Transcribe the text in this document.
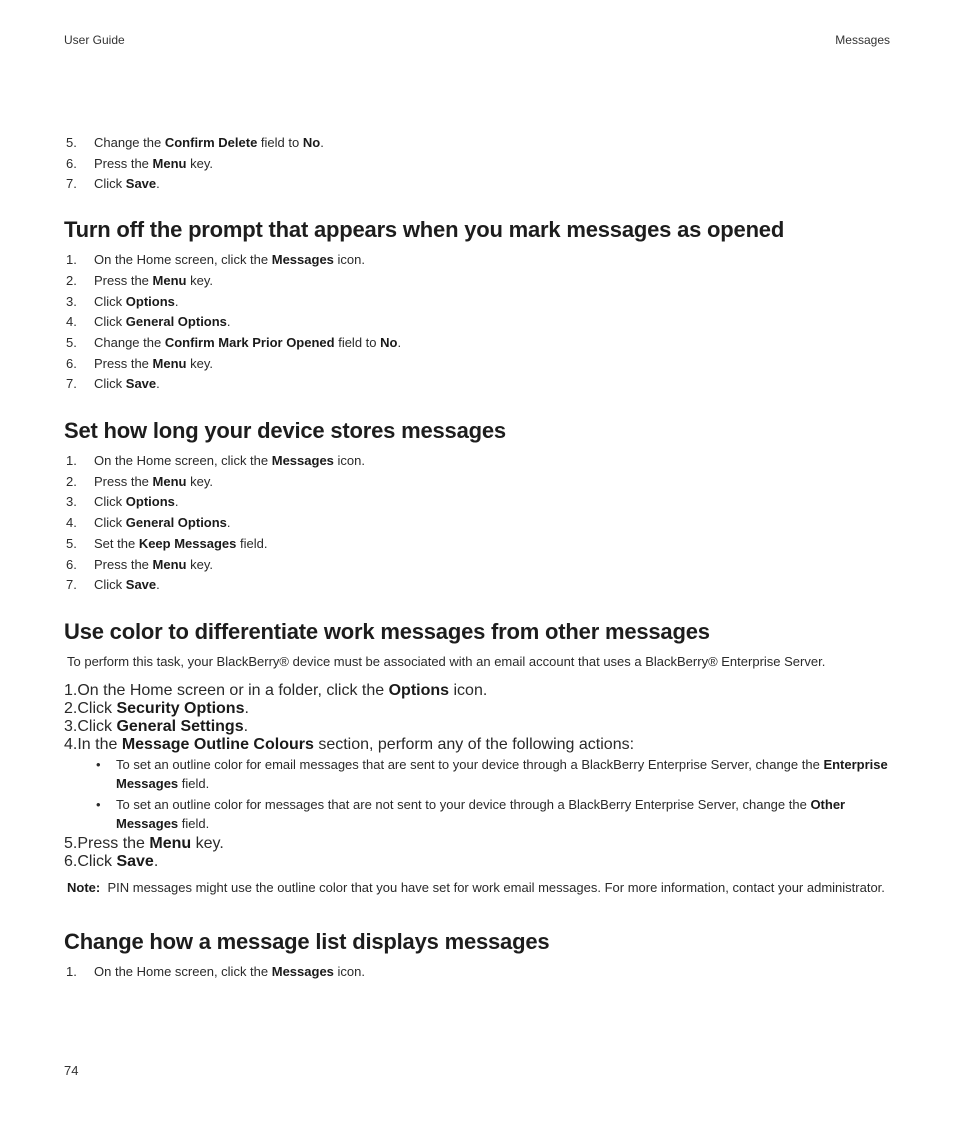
User Guide	Messages
5. Change the Confirm Delete field to No.
6. Press the Menu key.
7. Click Save.
Turn off the prompt that appears when you mark messages as opened
1. On the Home screen, click the Messages icon.
2. Press the Menu key.
3. Click Options.
4. Click General Options.
5. Change the Confirm Mark Prior Opened field to No.
6. Press the Menu key.
7. Click Save.
Set how long your device stores messages
1. On the Home screen, click the Messages icon.
2. Press the Menu key.
3. Click Options.
4. Click General Options.
5. Set the Keep Messages field.
6. Press the Menu key.
7. Click Save.
Use color to differentiate work messages from other messages

To perform this task, your BlackBerry® device must be associated with an email account that uses a BlackBerry® Enterprise Server.

1.On the Home screen or in a folder, click the Options icon.
2.Click Security Options.
3.Click General Settings.
4.In the Message Outline Colours section, perform any of the following actions:
• To set an outline color for email messages that are sent to your device through a BlackBerry Enterprise Server, change the Enterprise Messages field.
• To set an outline color for messages that are not sent to your device through a BlackBerry Enterprise Server, change the Other Messages field.
5.Press the Menu key.
6.Click Save.

Note: PIN messages might use the outline color that you have set for work email messages. For more information, contact your administrator.

Change how a message list displays messages
1. On the Home screen, click the Messages icon.
74
